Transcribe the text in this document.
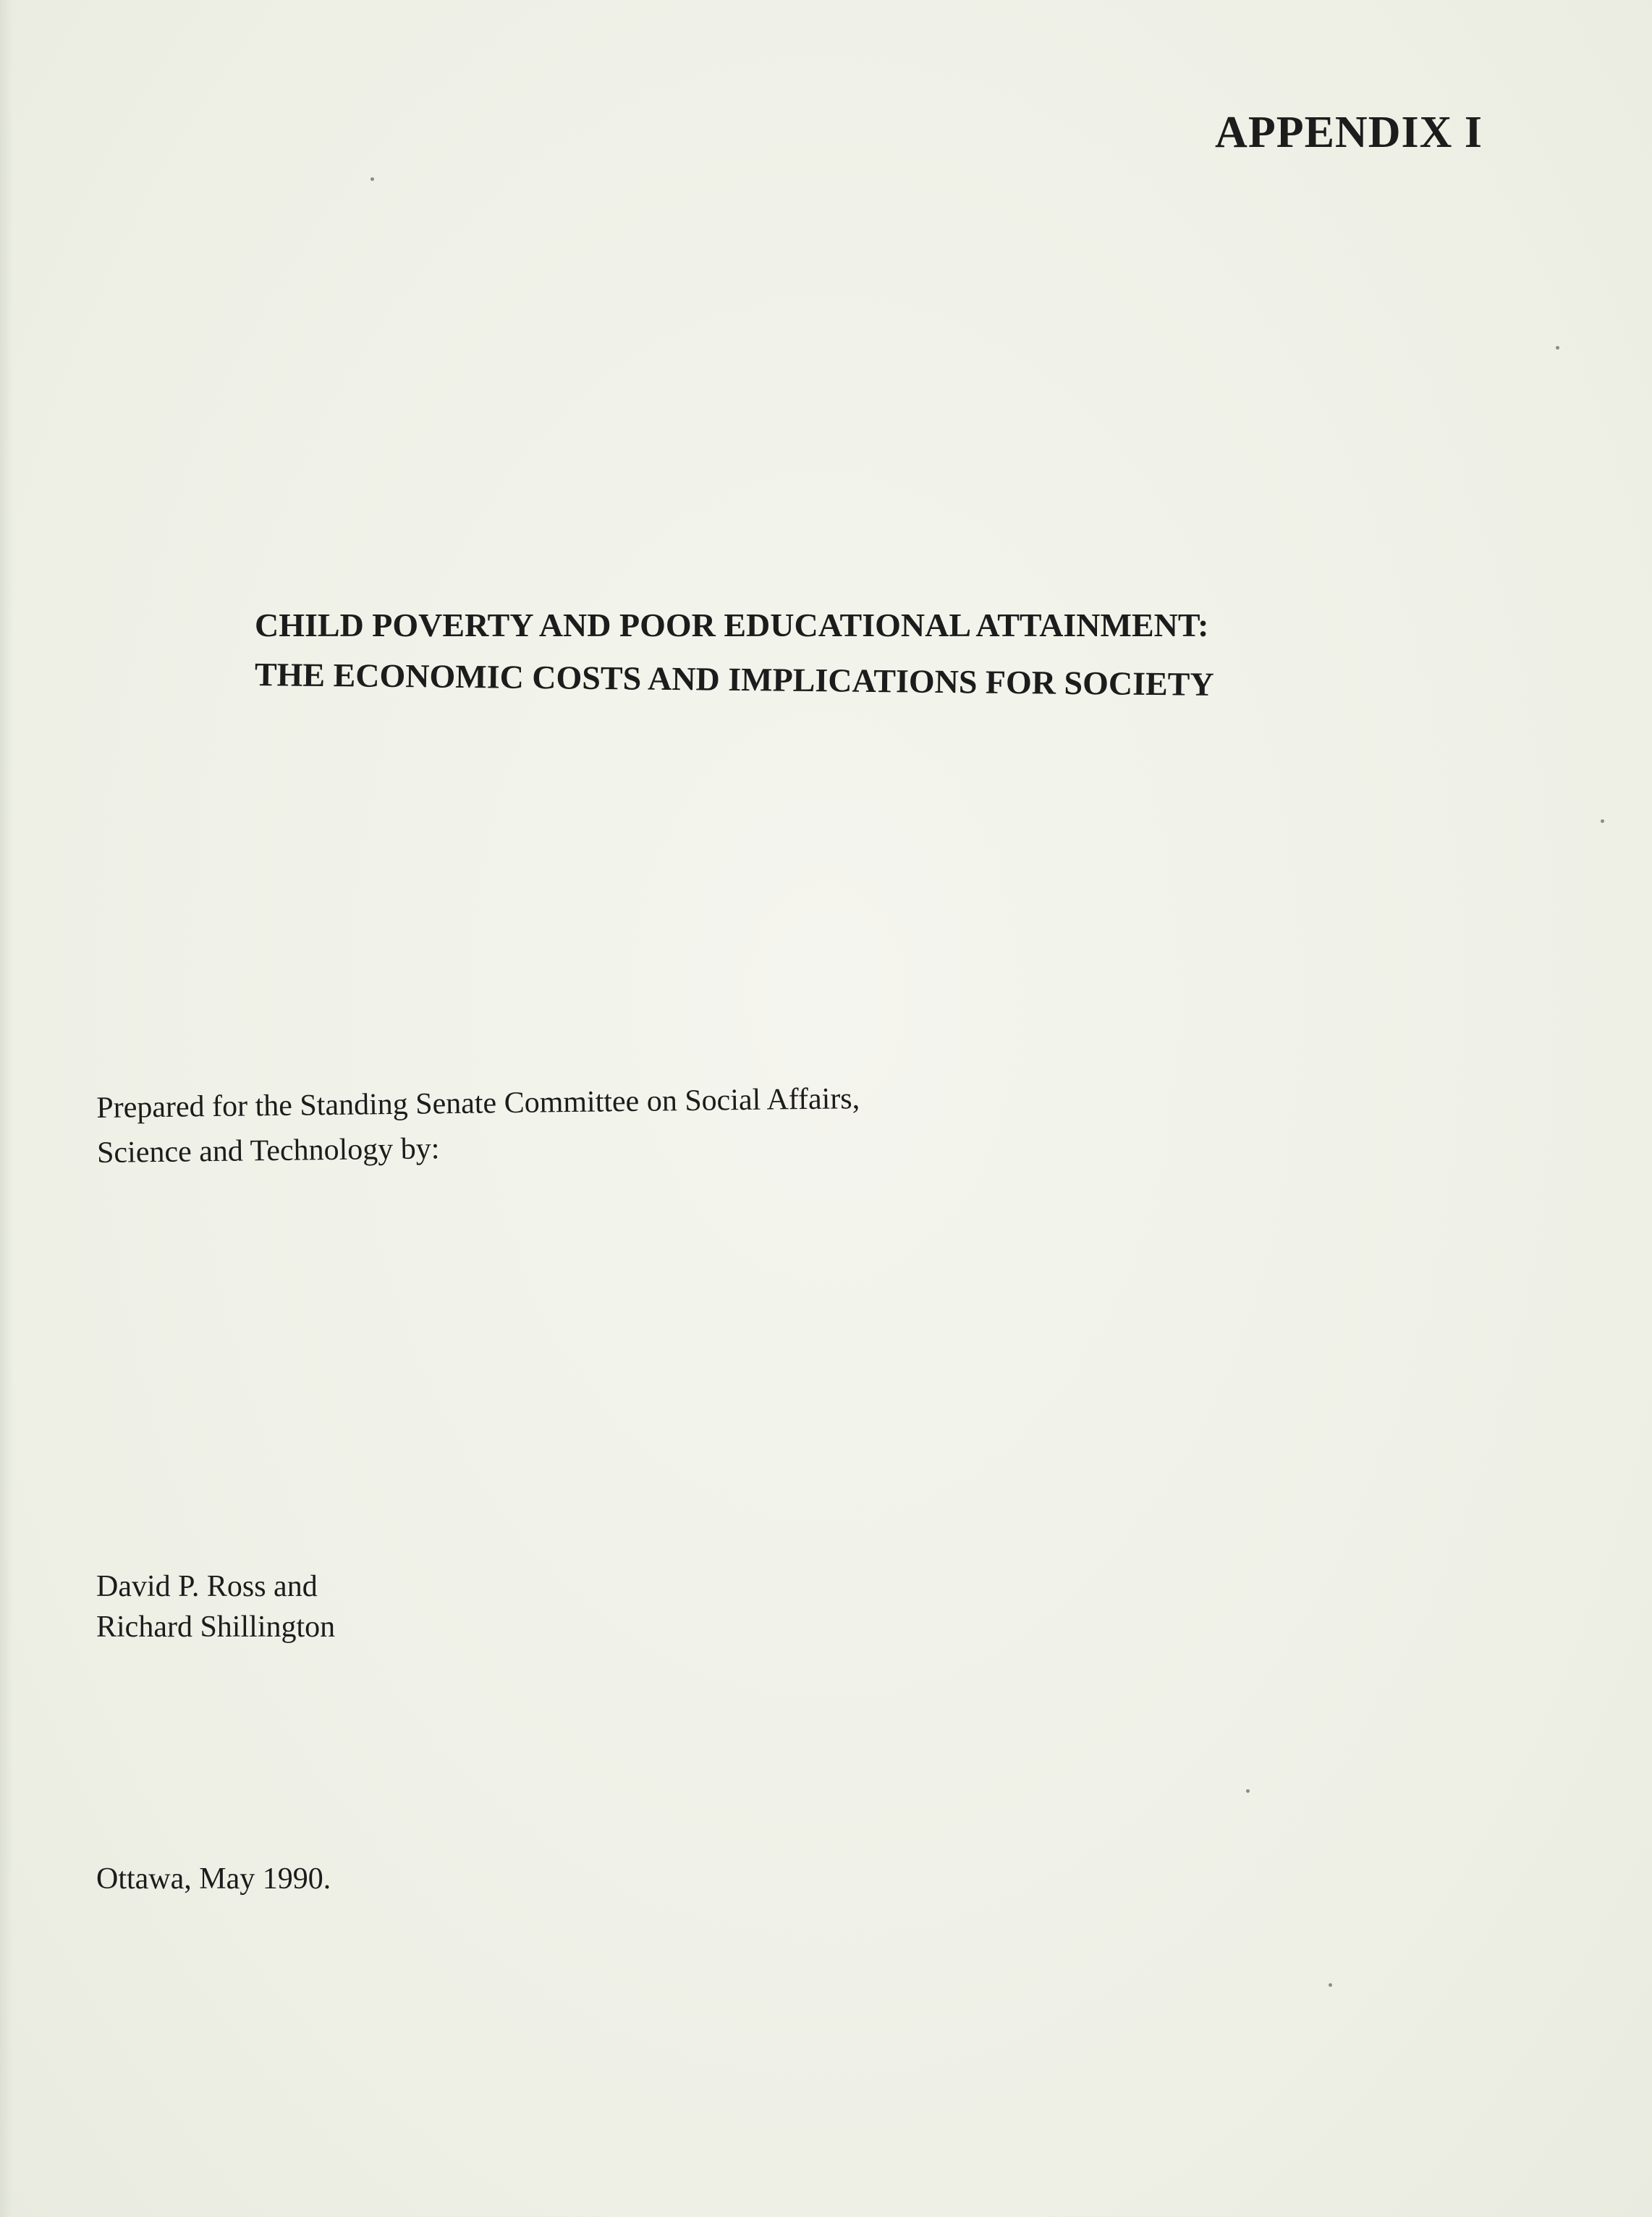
APPENDIX I

CHILD POVERTY AND POOR EDUCATIONAL ATTAINMENT:

THE ECONOMIC COSTS AND IMPLICATIONS FOR SOCIETY

Prepared for the Standing Senate Committee on Social Affairs,

Science and Technology by:

David P. Ross and

Richard Shillington

Ottawa, May 1990.
